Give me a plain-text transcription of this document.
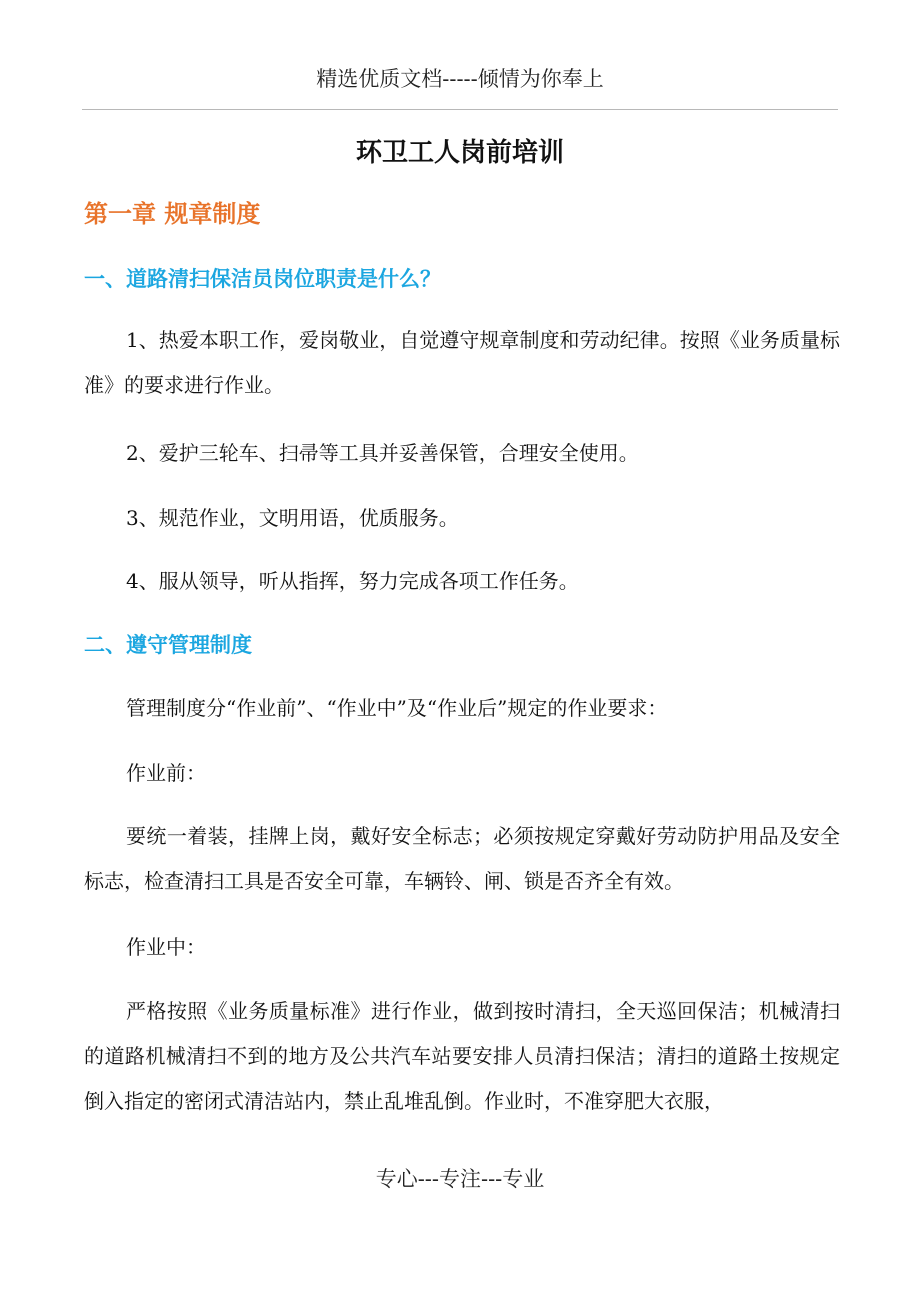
精选优质文档-----倾情为你奉上
环卫工人岗前培训
第一章 规章制度
一、道路清扫保洁员岗位职责是什么？

1、热爱本职工作，爱岗敬业，自觉遵守规章制度和劳动纪律。按照《业务质量标准》的要求进行作业。

2、爱护三轮车、扫帚等工具并妥善保管，合理安全使用。

3、规范作业，文明用语，优质服务。

4、服从领导，听从指挥，努力完成各项工作任务。

二、遵守管理制度

管理制度分“作业前”、“作业中”及“作业后”规定的作业要求：

作业前：

要统一着装，挂牌上岗，戴好安全标志；必须按规定穿戴好劳动防护用品及安全标志，检查清扫工具是否安全可靠，车辆铃、闸、锁是否齐全有效。

作业中：

严格按照《业务质量标准》进行作业，做到按时清扫，全天巡回保洁；机械清扫的道路机械清扫不到的地方及公共汽车站要安排人员清扫保洁；清扫的道路土按规定倒入指定的密闭式清洁站内，禁止乱堆乱倒。作业时，不准穿肥大衣服，

专心---专注---专业
